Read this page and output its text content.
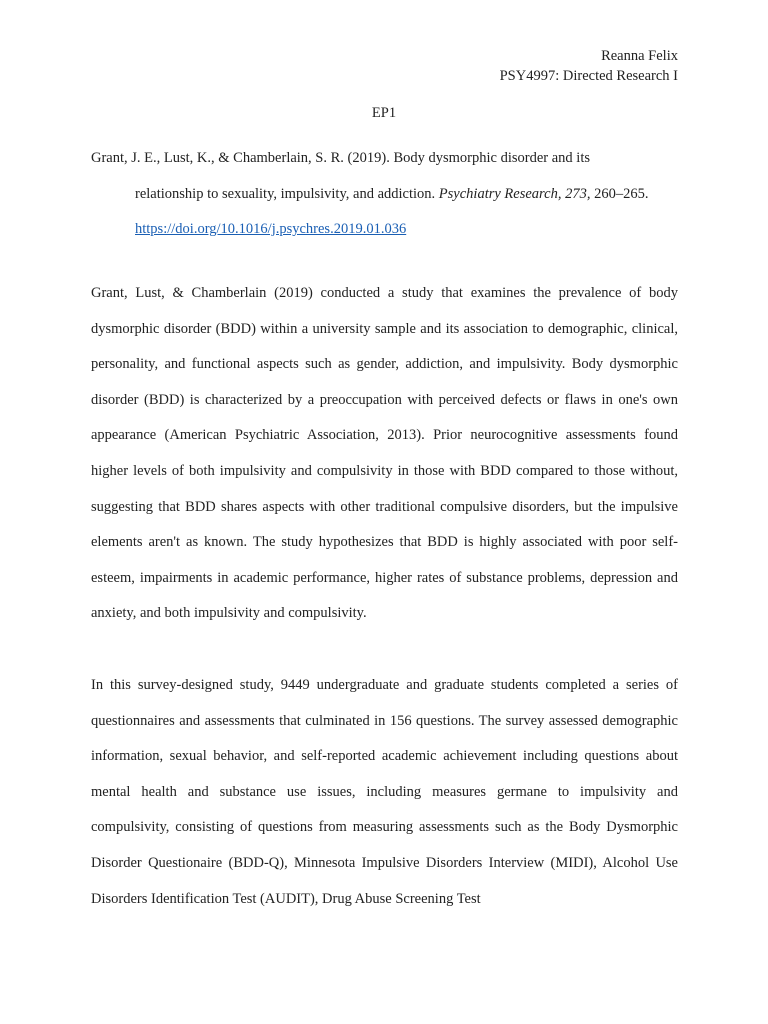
Reanna Felix
PSY4997: Directed Research I
EP1
Grant, J. E., Lust, K., & Chamberlain, S. R. (2019). Body dysmorphic disorder and its
relationship to sexuality, impulsivity, and addiction. Psychiatry Research, 273, 260–265.
https://doi.org/10.1016/j.psychres.2019.01.036

Grant, Lust, & Chamberlain (2019) conducted a study that examines the prevalence of body dysmorphic disorder (BDD) within a university sample and its association to demographic, clinical, personality, and functional aspects such as gender, addiction, and impulsivity. Body dysmorphic disorder (BDD) is characterized by a preoccupation with perceived defects or flaws in one's own appearance (American Psychiatric Association, 2013). Prior neurocognitive assessments found higher levels of both impulsivity and compulsivity in those with BDD compared to those without, suggesting that BDD shares aspects with other traditional compulsive disorders, but the impulsive elements aren't as known. The study hypothesizes that BDD is highly associated with poor self-esteem, impairments in academic performance, higher rates of substance problems, depression and anxiety, and both impulsivity and compulsivity.

In this survey-designed study, 9449 undergraduate and graduate students completed a series of questionnaires and assessments that culminated in 156 questions. The survey assessed demographic information, sexual behavior, and self-reported academic achievement including questions about mental health and substance use issues, including measures germane to impulsivity and compulsivity, consisting of questions from measuring assessments such as the Body Dysmorphic Disorder Questionaire (BDD-Q), Minnesota Impulsive Disorders Interview (MIDI), Alcohol Use Disorders Identification Test (AUDIT), Drug Abuse Screening Test
